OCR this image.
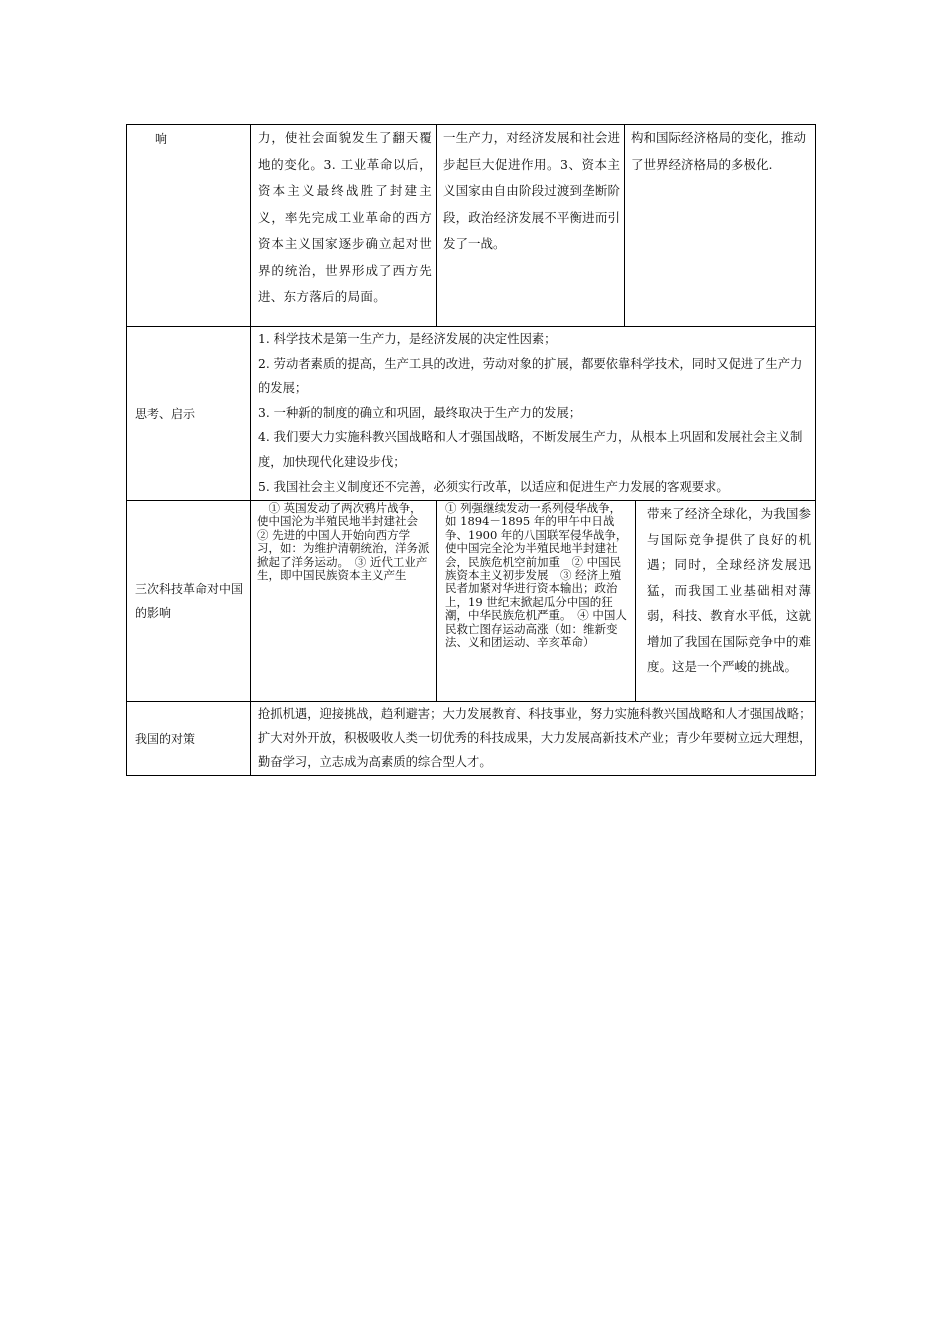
响	力，使社会面貌发生了翻天覆地的变化。3. 工业革命以后，资本主义最终战胜了封建主义，率先完成工业革命的西方资本主义国家逐步确立起对世界的统治，世界形成了西方先进、东方落后的局面。
一生产力，对经济发展和社会进步起巨大促进作用。3、资本主义国家由自由阶段过渡到垄断阶段，政治经济发展不平衡进而引发了一战。
构和国际经济格局的变化，推动了世界经济格局的多极化.
思考、启示
1. 科学技术是第一生产力，是经济发展的决定性因素；
2. 劳动者素质的提高，生产工具的改进，劳动对象的扩展，都要依靠科学技术，同时又促进了生产力的发展；
3. 一种新的制度的确立和巩固，最终取决于生产力的发展；
4. 我们要大力实施科教兴国战略和人才强国战略，不断发展生产力，从根本上巩固和发展社会主义制度，加快现代化建设步伐；
5. 我国社会主义制度还不完善，必须实行改革，以适应和促进生产力发展的客观要求。
三次科技革命对中国的影响
　① 英国发动了两次鸦片战争，使中国沦为半殖民地半封建社会　　② 先进的中国人开始向西方学习，如：为维护清朝统治，洋务派掀起了洋务运动。　③ 近代工业产生，即中国民族资本主义产生
① 列强继续发动一系列侵华战争，如 1894－1895 年的甲午中日战争、1900 年的八国联军侵华战争，使中国完全沦为半殖民地半封建社会，民族危机空前加重　② 中国民族资本主义初步发展　③ 经济上殖民者加紧对华进行资本输出；政治上，19 世纪末掀起瓜分中国的狂潮，中华民族危机严重。　④ 中国人民救亡图存运动高涨（如：维新变法、义和团运动、辛亥革命）
带来了经济全球化，为我国参与国际竞争提供了良好的机遇；同时，全球经济发展迅猛，而我国工业基础相对薄弱，科技、教育水平低，这就增加了我国在国际竞争中的难度。这是一个严峻的挑战。
我国的对策
抢抓机遇，迎接挑战，趋利避害；大力发展教育、科技事业，努力实施科教兴国战略和人才强国战略；扩大对外开放，积极吸收人类一切优秀的科技成果，大力发展高新技术产业；青少年要树立远大理想，勤奋学习，立志成为高素质的综合型人才。
